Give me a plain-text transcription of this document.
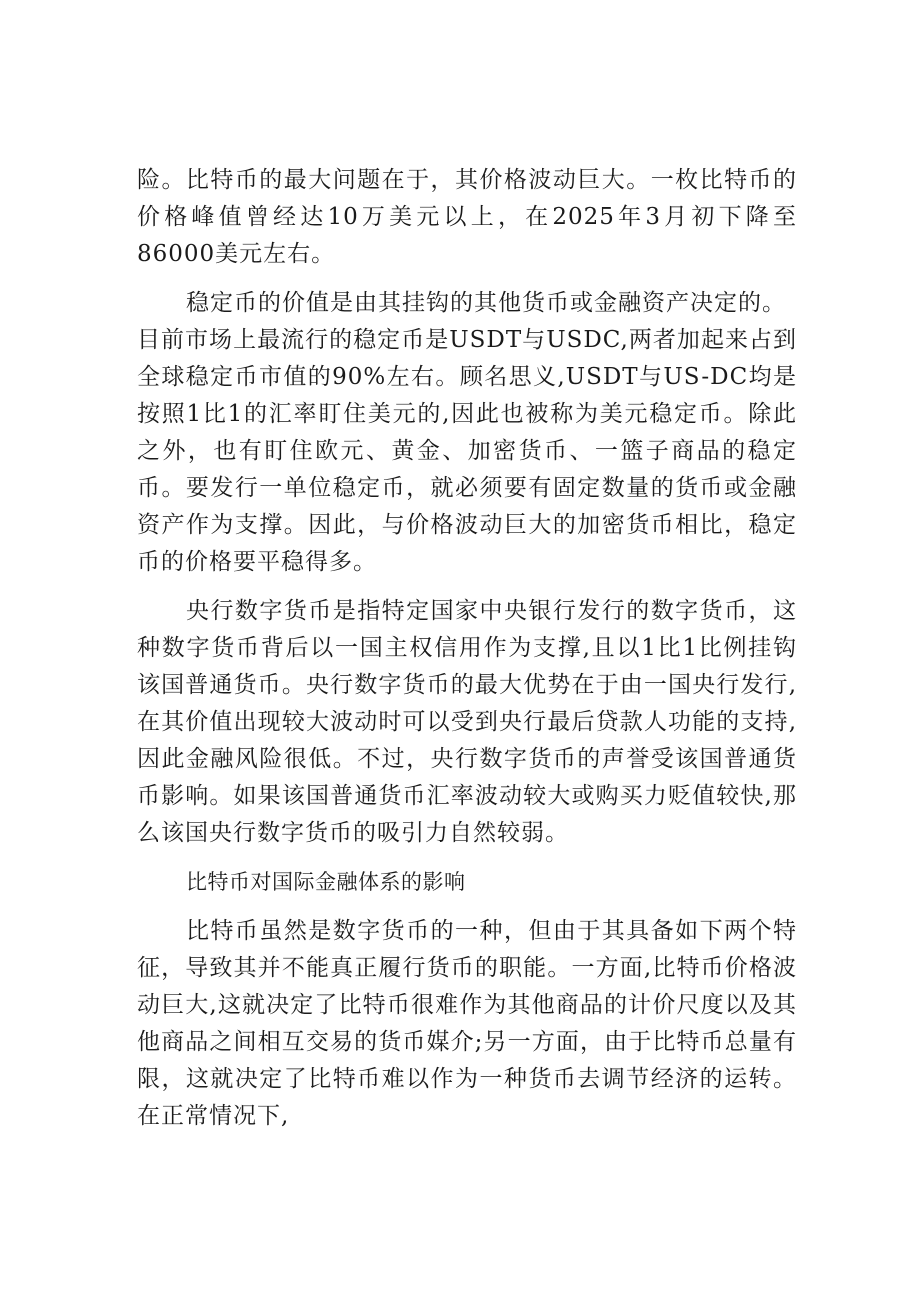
险。比特币的最大问题在于，其价格波动巨大。一枚比特币的价格峰值曾经达10万美元以上，在2025年3月初下降至86000美元左右。

稳定币的价值是由其挂钩的其他货币或金融资产决定的。

目前市场上最流行的稳定币是USDT与USDC,两者加起来占到全球稳定币市值的90%左右。顾名思义,USDT与US-DC均是按照1比1的汇率盯住美元的,因此也被称为美元稳定币。除此之外，也有盯住欧元、黄金、加密货币、一篮子商品的稳定币。要发行一单位稳定币，就必须要有固定数量的货币或金融资产作为支撑。因此，与价格波动巨大的加密货币相比，稳定币的价格要平稳得多。

央行数字货币是指特定国家中央银行发行的数字货币，这种数字货币背后以一国主权信用作为支撑,且以1比1比例挂钩该国普通货币。央行数字货币的最大优势在于由一国央行发行,在其价值出现较大波动时可以受到央行最后贷款人功能的支持,因此金融风险很低。不过，央行数字货币的声誉受该国普通货币影响。如果该国普通货币汇率波动较大或购买力贬值较快,那么该国央行数字货币的吸引力自然较弱。

比特币对国际金融体系的影响

比特币虽然是数字货币的一种，但由于其具备如下两个特征，导致其并不能真正履行货币的职能。一方面,比特币价格波动巨大,这就决定了比特币很难作为其他商品的计价尺度以及其他商品之间相互交易的货币媒介;另一方面，由于比特币总量有限，这就决定了比特币难以作为一种货币去调节经济的运转。在正常情况下,
